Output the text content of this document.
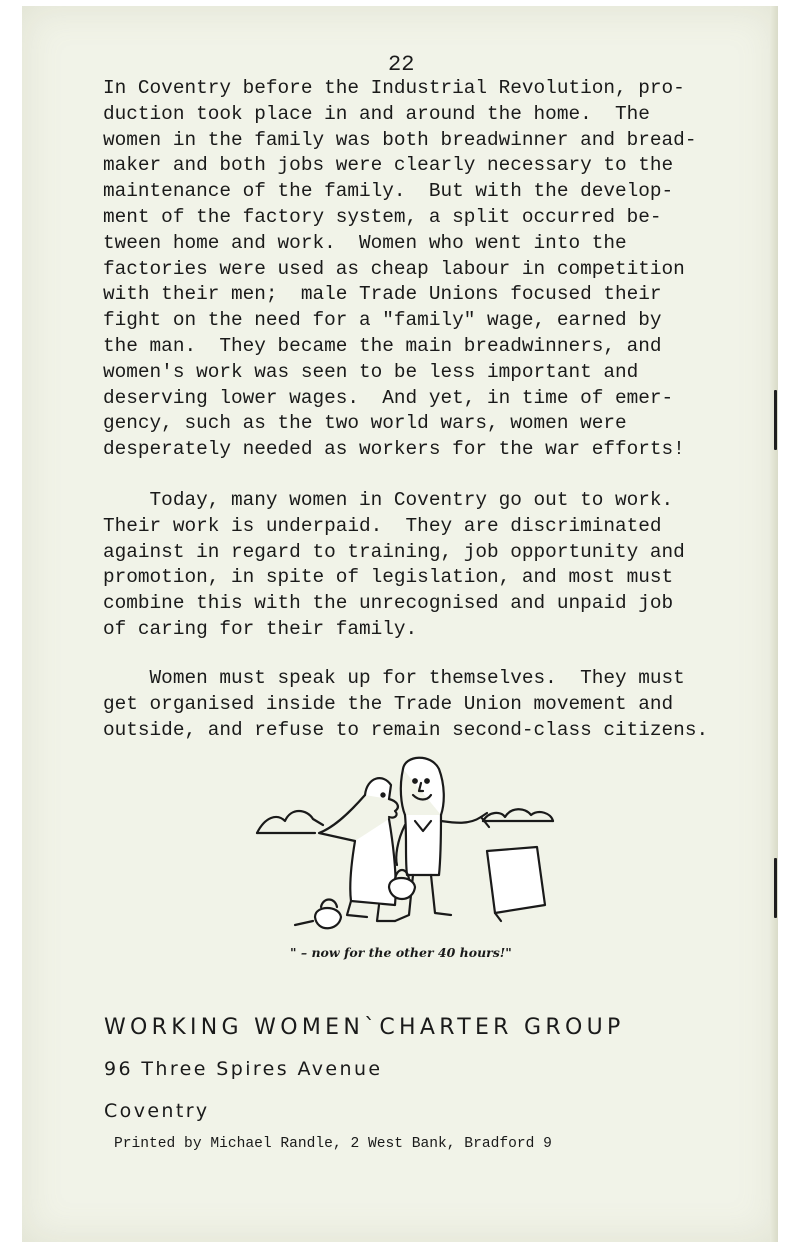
22
In Coventry before the Industrial Revolution, pro-
duction took place in and around the home.  The
women in the family was both breadwinner and bread-
maker and both jobs were clearly necessary to the
maintenance of the family.  But with the develop-
ment of the factory system, a split occurred be-
tween home and work.  Women who went into the
factories were used as cheap labour in competition
with their men;  male Trade Unions focused their
fight on the need for a "family" wage, earned by
the man.  They became the main breadwinners, and
women's work was seen to be less important and
deserving lower wages.  And yet, in time of emer-
gency, such as the two world wars, women were
desperately needed as workers for the war efforts!
Today, many women in Coventry go out to work.
Their work is underpaid.  They are discriminated
against in regard to training, job opportunity and
promotion, in spite of legislation, and most must
combine this with the unrecognised and unpaid job
of caring for their family.
Women must speak up for themselves.  They must
get organised inside the Trade Union movement and
outside, and refuse to remain second-class citizens.
" – now for the other 40 hours!"
WORKING WOMEN`CHARTER GROUP
96 Three Spires Avenue
Coventry
Printed by Michael Randle, 2 West Bank, Bradford 9
